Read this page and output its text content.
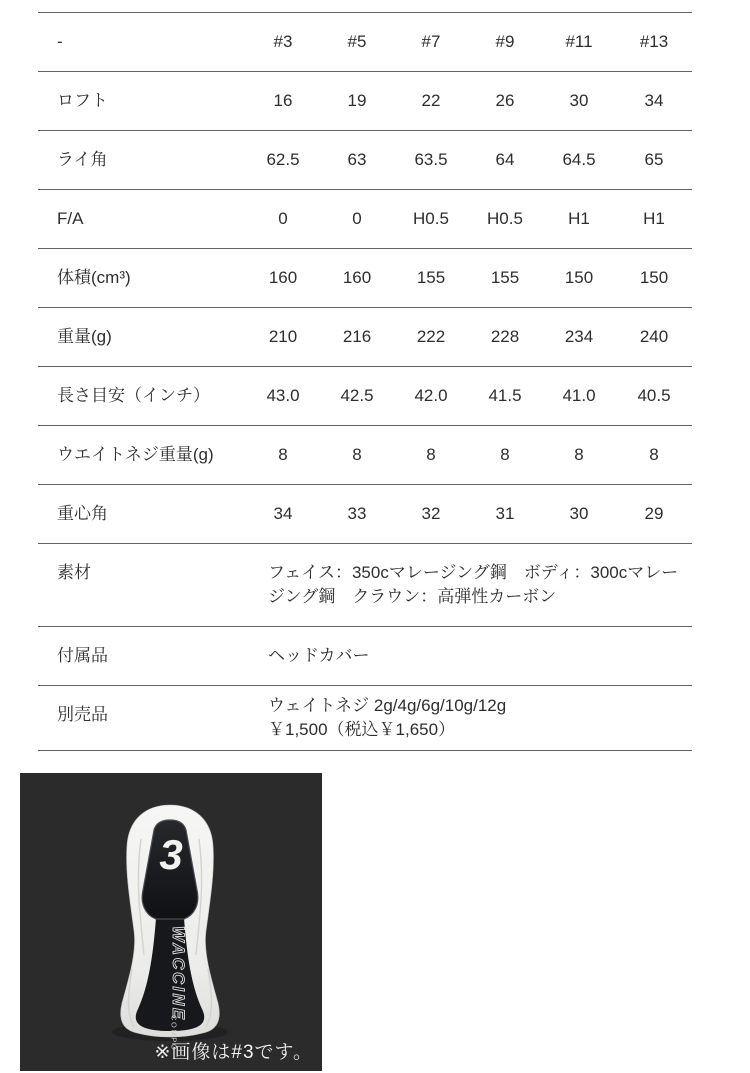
-	#3	#5	#7	#9	#11	#13
ロフト	16	19	22	26	30	34
ライ角	62.5	63	63.5	64	64.5	65
F/A	0	0	H0.5	H0.5	H1	H1
体積(cm³)	160	160	155	155	150	150
重量(g)	210	216	222	228	234	240
長さ目安（インチ）	43.0	42.5	42.0	41.5	41.0	40.5
ウエイトネジ重量(g)	8	8	8	8	8	8
重心角	34	33	32	31	30	29
素材	フェイス：350cマレージング鋼　ボディ：300cマレージング鋼　クラウン：高弾性カーボン					
付属品	ヘッドカバー					
別売品	ウェイトネジ 2g/4g/6g/10g/12g
￥1,500（税込￥1,650）					
3
WACCINE
COMPO
※画像は#3です。
